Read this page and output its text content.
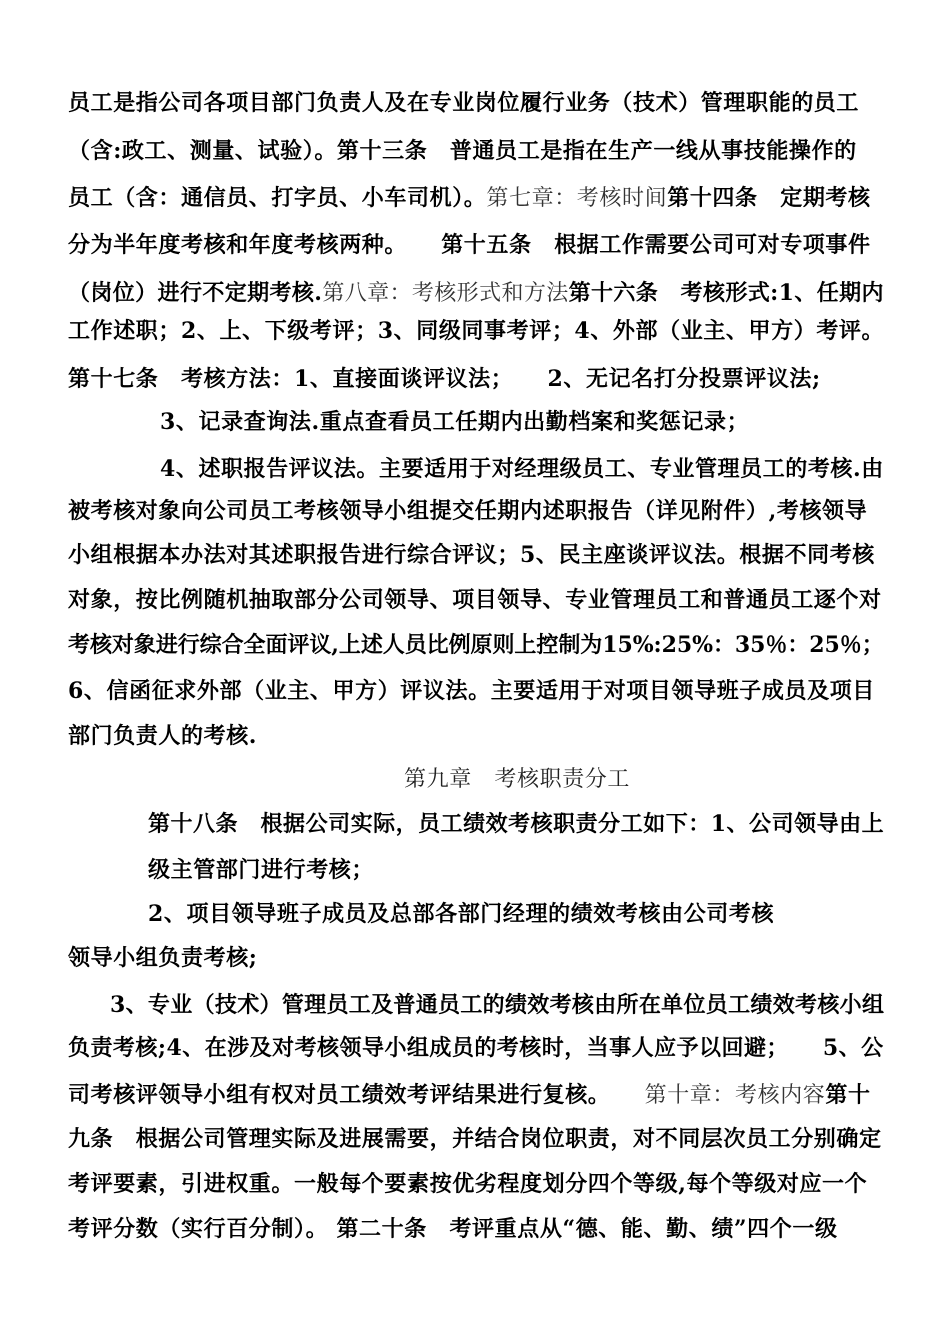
员工是指公司各项目部门负责人及在专业岗位履行业务（技术）管理职能的员工
（含:政工、测量、试验）。第十三条　普通员工是指在生产一线从事技能操作的
员工（含：通信员、打字员、小车司机）。第七章：考核时间第十四条　定期考核
分为半年度考核和年度考核两种。　　第十五条　根据工作需要公司可对专项事件
（岗位）进行不定期考核.第八章：考核形式和方法第十六条　考核形式:1、任期内
工作述职；2、上、下级考评；3、同级同事考评；4、外部（业主、甲方）考评。
第十七条　考核方法：1、直接面谈评议法；　　2、无记名打分投票评议法;
3、记录查询法.重点查看员工任期内出勤档案和奖惩记录；
4、述职报告评议法。主要适用于对经理级员工、专业管理员工的考核.由
被考核对象向公司员工考核领导小组提交任期内述职报告（详见附件）,考核领导
小组根据本办法对其述职报告进行综合评议；5、民主座谈评议法。根据不同考核
对象，按比例随机抽取部分公司领导、项目领导、专业管理员工和普通员工逐个对
考核对象进行综合全面评议,上述人员比例原则上控制为15%:25%：35％：25％；
6、信函征求外部（业主、甲方）评议法。主要适用于对项目领导班子成员及项目
部门负责人的考核.
第九章　考核职责分工
第十八条　根据公司实际，员工绩效考核职责分工如下：1、公司领导由上
级主管部门进行考核；
2、项目领导班子成员及总部各部门经理的绩效考核由公司考核
领导小组负责考核;
3、专业（技术）管理员工及普通员工的绩效考核由所在单位员工绩效考核小组
负责考核;4、在涉及对考核领导小组成员的考核时，当事人应予以回避；　　5、公
司考核评领导小组有权对员工绩效考评结果进行复核。　　第十章：考核内容第十
九条　根据公司管理实际及进展需要，并结合岗位职责，对不同层次员工分别确定
考评要素，引进权重。一般每个要素按优劣程度划分四个等级,每个等级对应一个
考评分数（实行百分制）。 第二十条　考评重点从“德、能、勤、绩”四个一级
